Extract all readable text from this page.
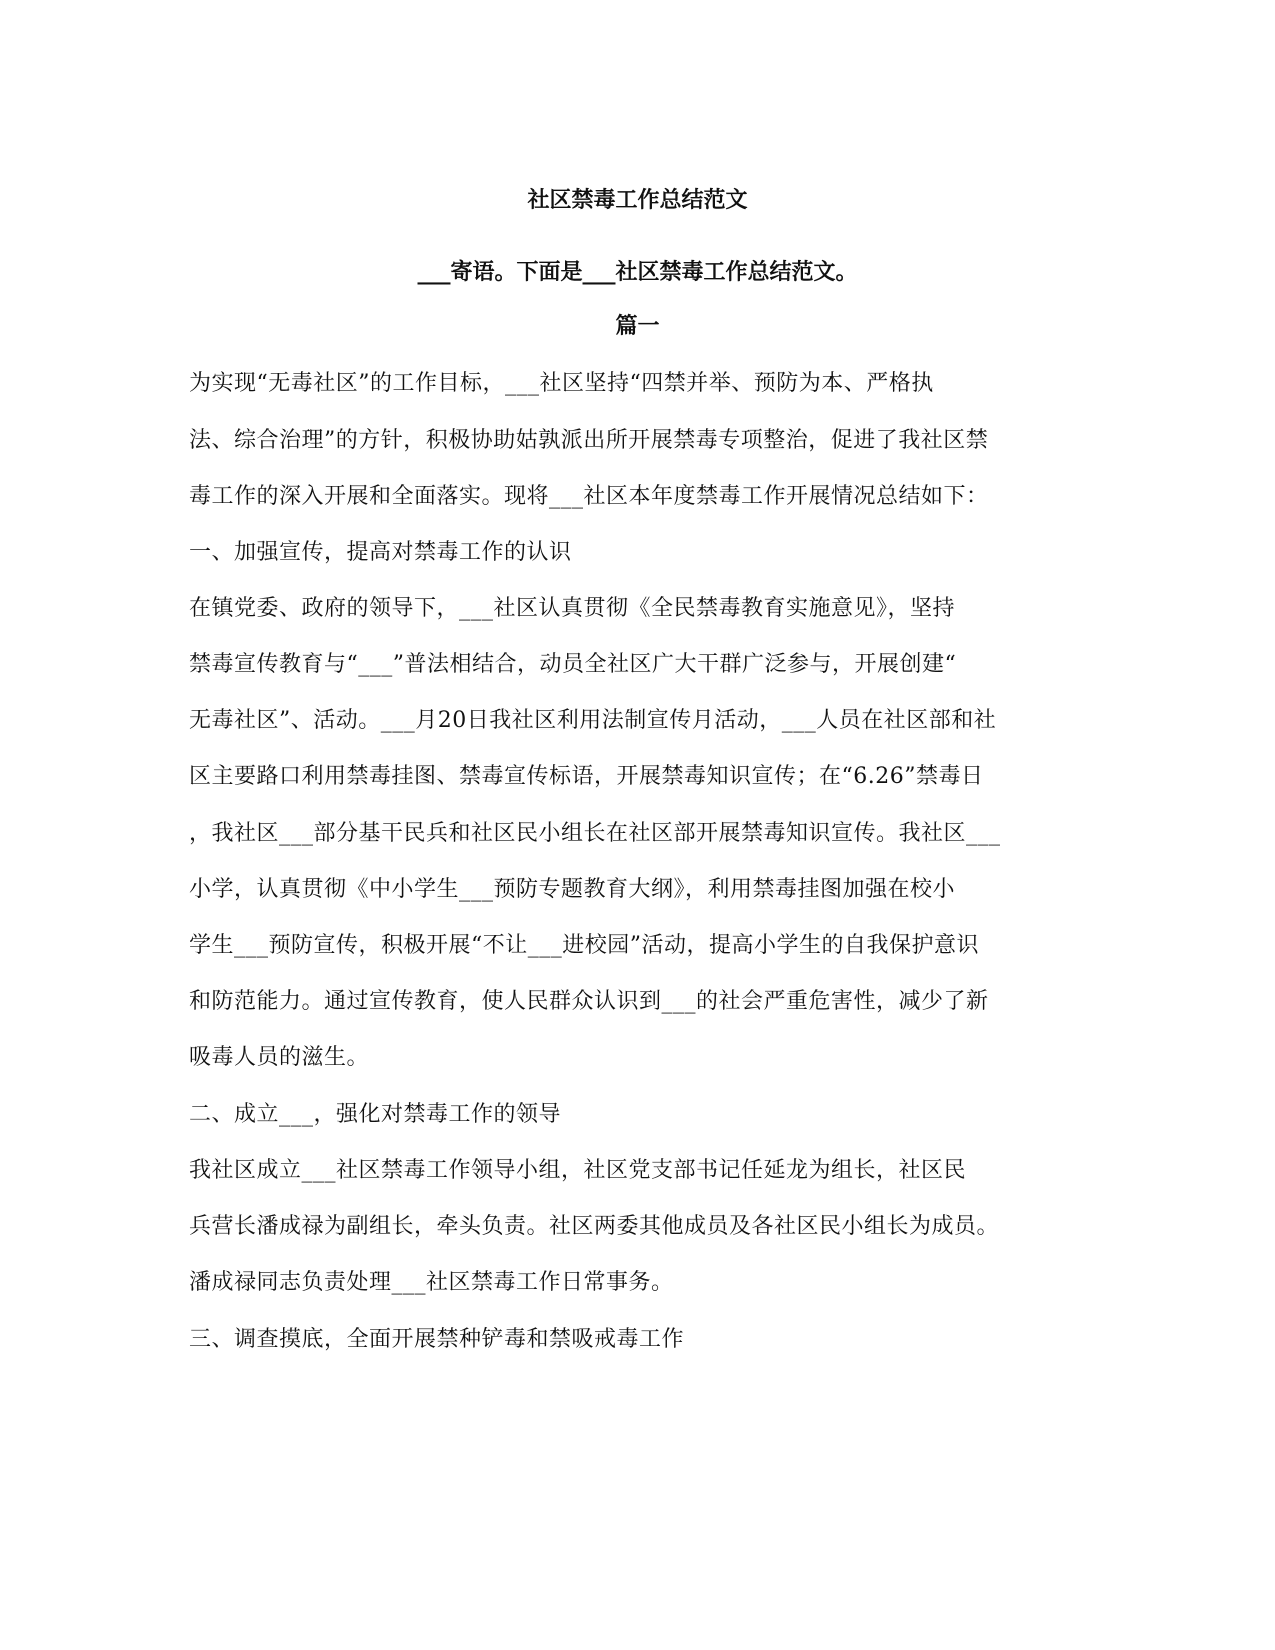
社区禁毒工作总结范文
___寄语。下面是___社区禁毒工作总结范文。
篇一
为实现“无毒社区”的工作目标，___社区坚持“四禁并举、预防为本、严格执
法、综合治理”的方针，积极协助姑孰派出所开展禁毒专项整治，促进了我社区禁
毒工作的深入开展和全面落实。现将___社区本年度禁毒工作开展情况总结如下：
一、加强宣传，提高对禁毒工作的认识
在镇党委、政府的领导下，___社区认真贯彻《全民禁毒教育实施意见》，坚持
禁毒宣传教育与“___”普法相结合，动员全社区广大干群广泛参与，开展创建“
无毒社区”、活动。___月20日我社区利用法制宣传月活动，___人员在社区部和社
区主要路口利用禁毒挂图、禁毒宣传标语，开展禁毒知识宣传；在“6.26”禁毒日
，我社区___部分基干民兵和社区民小组长在社区部开展禁毒知识宣传。我社区___
小学，认真贯彻《中小学生___预防专题教育大纲》，利用禁毒挂图加强在校小
学生___预防宣传，积极开展“不让___进校园”活动，提高小学生的自我保护意识
和防范能力。通过宣传教育，使人民群众认识到___的社会严重危害性，减少了新
吸毒人员的滋生。
二、成立___，强化对禁毒工作的领导
我社区成立___社区禁毒工作领导小组，社区党支部书记任延龙为组长，社区民
兵营长潘成禄为副组长，牵头负责。社区两委其他成员及各社区民小组长为成员。
潘成禄同志负责处理___社区禁毒工作日常事务。
三、调查摸底，全面开展禁种铲毒和禁吸戒毒工作
